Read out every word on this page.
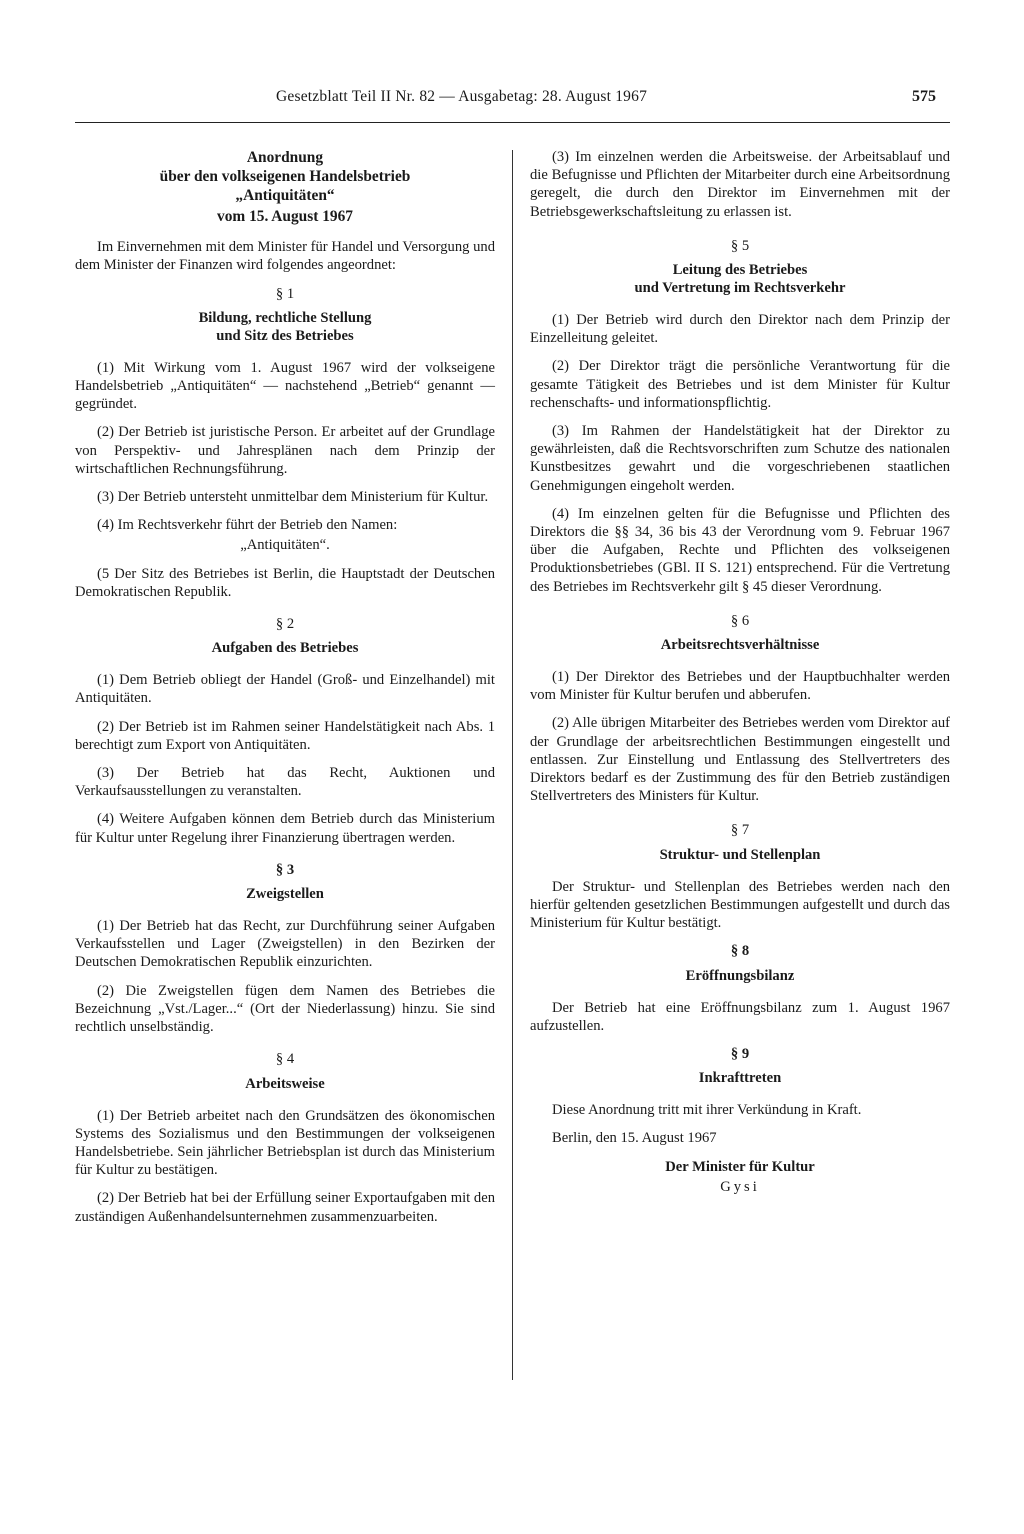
Gesetzblatt Teil II Nr. 82 — Ausgabetag: 28. August 1967	575
Anordnung
über den volkseigenen Handelsbetrieb
„Antiquitäten“
vom 15. August 1967

Im Einvernehmen mit dem Minister für Handel und Versorgung und dem Minister der Finanzen wird folgendes angeordnet:

§ 1
Bildung, rechtliche Stellung
und Sitz des Betriebes

(1) Mit Wirkung vom 1. August 1967 wird der volkseigene Handelsbetrieb „Antiquitäten“ — nachstehend „Betrieb“ genannt — gegründet.

(2) Der Betrieb ist juristische Person. Er arbeitet auf der Grundlage von Perspektiv- und Jahresplänen nach dem Prinzip der wirtschaftlichen Rechnungsführung.

(3) Der Betrieb untersteht unmittelbar dem Ministerium für Kultur.

(4) Im Rechtsverkehr führt der Betrieb den Namen:

„Antiquitäten“.

(5 Der Sitz des Betriebes ist Berlin, die Hauptstadt der Deutschen Demokratischen Republik.

§ 2
Aufgaben des Betriebes

(1) Dem Betrieb obliegt der Handel (Groß- und Einzelhandel) mit Antiquitäten.

(2) Der Betrieb ist im Rahmen seiner Handelstätigkeit nach Abs. 1 berechtigt zum Export von Antiquitäten.

(3) Der Betrieb hat das Recht, Auktionen und Verkaufsausstellungen zu veranstalten.

(4) Weitere Aufgaben können dem Betrieb durch das Ministerium für Kultur unter Regelung ihrer Finanzierung übertragen werden.

§ 3
Zweigstellen

(1) Der Betrieb hat das Recht, zur Durchführung seiner Aufgaben Verkaufsstellen und Lager (Zweigstellen) in den Bezirken der Deutschen Demokratischen Republik einzurichten.

(2) Die Zweigstellen fügen dem Namen des Betriebes die Bezeichnung „Vst./Lager...“ (Ort der Niederlassung) hinzu. Sie sind rechtlich unselbständig.

§ 4
Arbeitsweise

(1) Der Betrieb arbeitet nach den Grundsätzen des ökonomischen Systems des Sozialismus und den Bestimmungen der volkseigenen Handelsbetriebe. Sein jährlicher Betriebsplan ist durch das Ministerium für Kultur zu bestätigen.

(2) Der Betrieb hat bei der Erfüllung seiner Exportaufgaben mit den zuständigen Außenhandelsunternehmen zusammenzuarbeiten.

(3) Im einzelnen werden die Arbeitsweise. der Arbeitsablauf und die Befugnisse und Pflichten der Mitarbeiter durch eine Arbeitsordnung geregelt, die durch den Direktor im Einvernehmen mit der Betriebsgewerkschaftsleitung zu erlassen ist.

§ 5
Leitung des Betriebes
und Vertretung im Rechtsverkehr

(1) Der Betrieb wird durch den Direktor nach dem Prinzip der Einzelleitung geleitet.

(2) Der Direktor trägt die persönliche Verantwortung für die gesamte Tätigkeit des Betriebes und ist dem Minister für Kultur rechenschafts- und informationspflichtig.

(3) Im Rahmen der Handelstätigkeit hat der Direktor zu gewährleisten, daß die Rechtsvorschriften zum Schutze des nationalen Kunstbesitzes gewahrt und die vorgeschriebenen staatlichen Genehmigungen eingeholt werden.

(4) Im einzelnen gelten für die Befugnisse und Pflichten des Direktors die §§ 34, 36 bis 43 der Verordnung vom 9. Februar 1967 über die Aufgaben, Rechte und Pflichten des volkseigenen Produktionsbetriebes (GBl. II S. 121) entsprechend. Für die Vertretung des Betriebes im Rechtsverkehr gilt § 45 dieser Verordnung.

§ 6
Arbeitsrechtsverhältnisse

(1) Der Direktor des Betriebes und der Hauptbuchhalter werden vom Minister für Kultur berufen und abberufen.

(2) Alle übrigen Mitarbeiter des Betriebes werden vom Direktor auf der Grundlage der arbeitsrechtlichen Bestimmungen eingestellt und entlassen. Zur Einstellung und Entlassung des Stellvertreters des Direktors bedarf es der Zustimmung des für den Betrieb zuständigen Stellvertreters des Ministers für Kultur.

§ 7
Struktur- und Stellenplan

Der Struktur- und Stellenplan des Betriebes werden nach den hierfür geltenden gesetzlichen Bestimmungen aufgestellt und durch das Ministerium für Kultur bestätigt.

§ 8
Eröffnungsbilanz

Der Betrieb hat eine Eröffnungsbilanz zum 1. August 1967 aufzustellen.

§ 9
Inkrafttreten

Diese Anordnung tritt mit ihrer Verkündung in Kraft.

Berlin, den 15. August 1967

Der Minister für Kultur
Gysi
